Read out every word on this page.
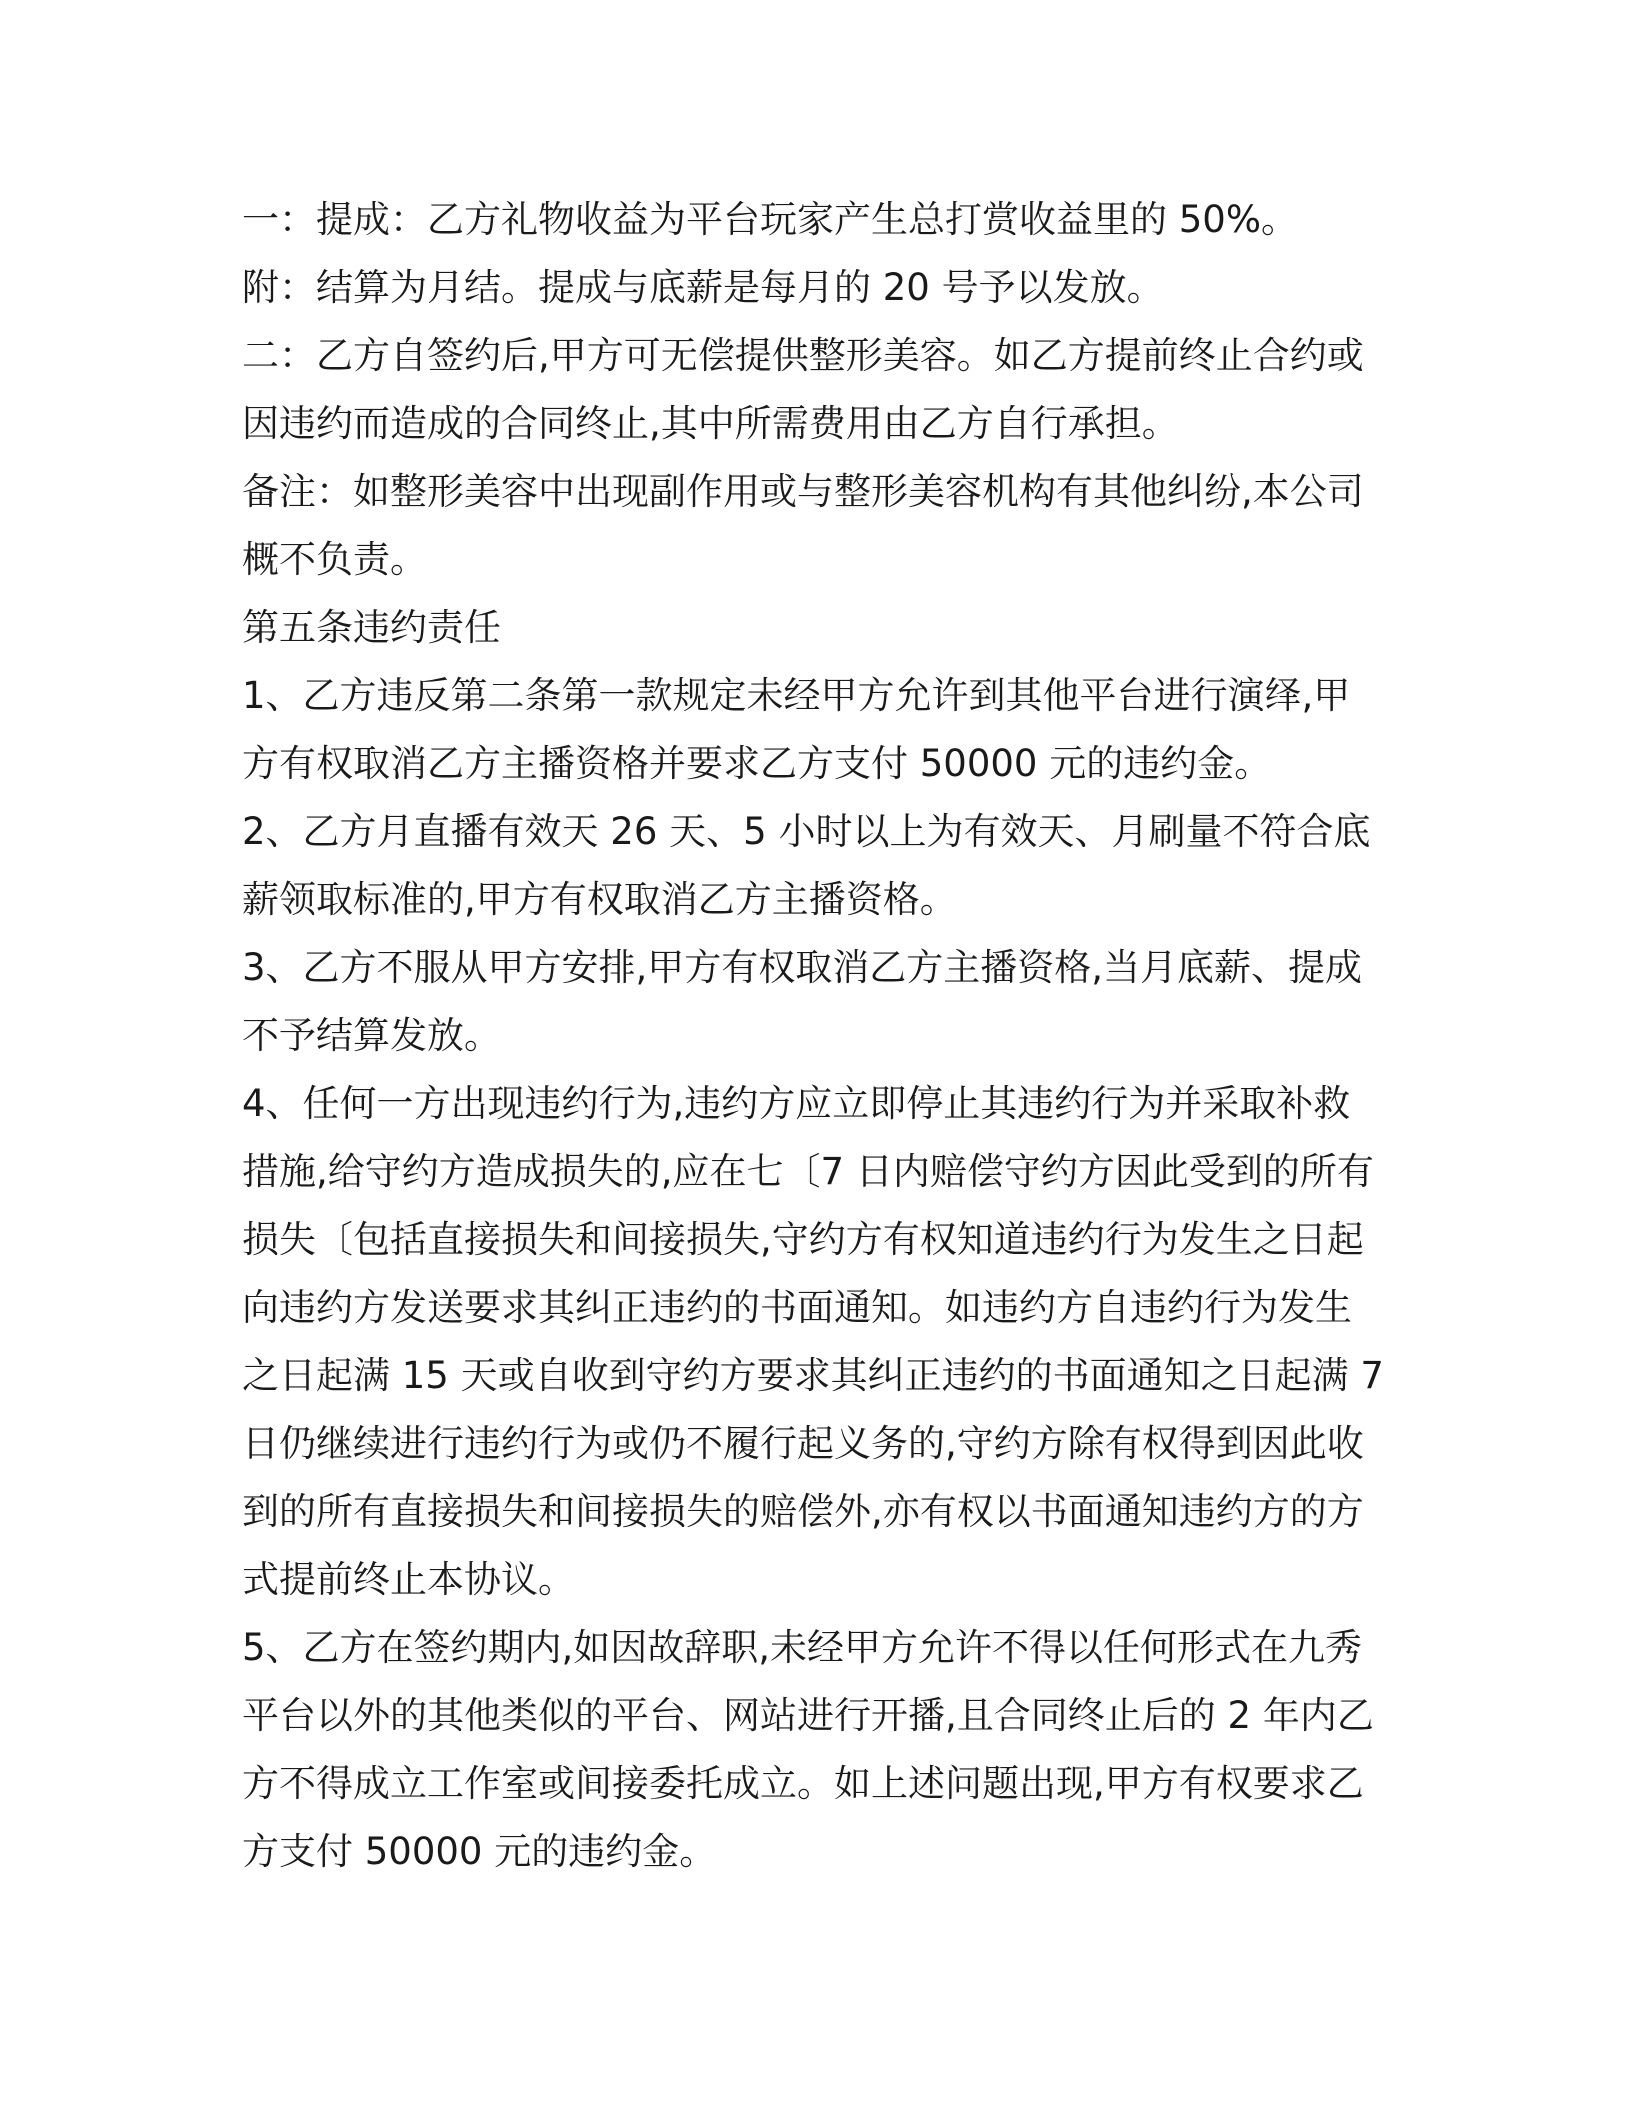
一：提成：乙方礼物收益为平台玩家产生总打赏收益里的 50%。
附：结算为月结。提成与底薪是每月的 20 号予以发放。
二：乙方自签约后,甲方可无偿提供整形美容。如乙方提前终止合约或
因违约而造成的合同终止,其中所需费用由乙方自行承担。
备注：如整形美容中出现副作用或与整形美容机构有其他纠纷,本公司
概不负责。
第五条违约责任
1、乙方违反第二条第一款规定未经甲方允许到其他平台进行演绎,甲
方有权取消乙方主播资格并要求乙方支付 50000 元的违约金。
2、乙方月直播有效天 26 天、5 小时以上为有效天、月刷量不符合底
薪领取标准的,甲方有权取消乙方主播资格。
3、乙方不服从甲方安排,甲方有权取消乙方主播资格,当月底薪、提成
不予结算发放。
4、任何一方出现违约行为,违约方应立即停止其违约行为并采取补救
措施,给守约方造成损失的,应在七〔7 日内赔偿守约方因此受到的所有
损失〔包括直接损失和间接损失,守约方有权知道违约行为发生之日起
向违约方发送要求其纠正违约的书面通知。如违约方自违约行为发生
之日起满 15 天或自收到守约方要求其纠正违约的书面通知之日起满 7
日仍继续进行违约行为或仍不履行起义务的,守约方除有权得到因此收
到的所有直接损失和间接损失的赔偿外,亦有权以书面通知违约方的方
式提前终止本协议。
5、乙方在签约期内,如因故辞职,未经甲方允许不得以任何形式在九秀
平台以外的其他类似的平台、网站进行开播,且合同终止后的 2 年内乙
方不得成立工作室或间接委托成立。如上述问题出现,甲方有权要求乙
方支付 50000 元的违约金。
